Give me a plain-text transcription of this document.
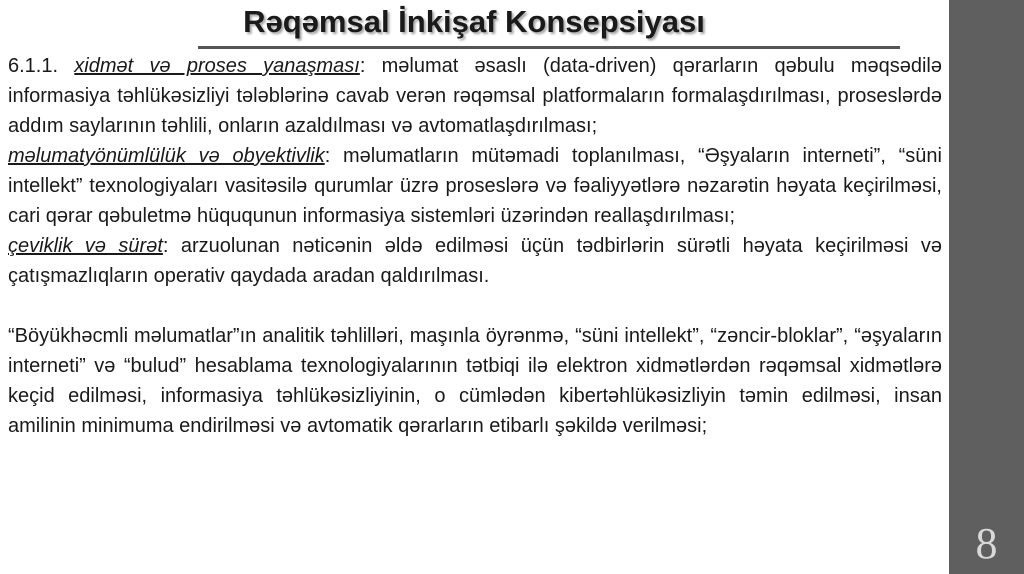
Rəqəmsal İnkişaf Konsepsiyası

6.1.1. xidmət və proses yanaşması: məlumat əsaslı (data-driven) qərarların qəbulu məqsədilə informasiya təhlükəsizliyi tələblərinə cavab verən rəqəmsal platformaların formalaşdırılması, proseslərdə addım saylarının təhlili, onların azaldılması və avtomatlaşdırılması;

məlumatyönümlülük və obyektivlik: məlumatların mütəmadi toplanılması, “Əşyaların interneti”, “süni intellekt” texnologiyaları vasitəsilə qurumlar üzrə proseslərə və fəaliyyətlərə nəzarətin həyata keçirilməsi, cari qərar qəbuletmə hüququnun informasiya sistemləri üzərindən reallaşdırılması;

çeviklik və sürət: arzuolunan nəticənin əldə edilməsi üçün tədbirlərin sürətli həyata keçirilməsi və çatışmazlıqların operativ qaydada aradan qaldırılması.

“Böyükhəcmli məlumatlar”ın analitik təhlilləri, maşınla öyrənmə, “süni intellekt”, “zəncir-bloklar”, “əşyaların interneti” və “bulud” hesablama texnologiyalarının tətbiqi ilə elektron xidmətlərdən rəqəmsal xidmətlərə keçid edilməsi, informasiya təhlükəsizliyinin, o cümlədən kibertəhlükəsizliyin təmin edilməsi, insan amilinin minimuma endirilməsi və avtomatik qərarların etibarlı şəkildə verilməsi;

8
